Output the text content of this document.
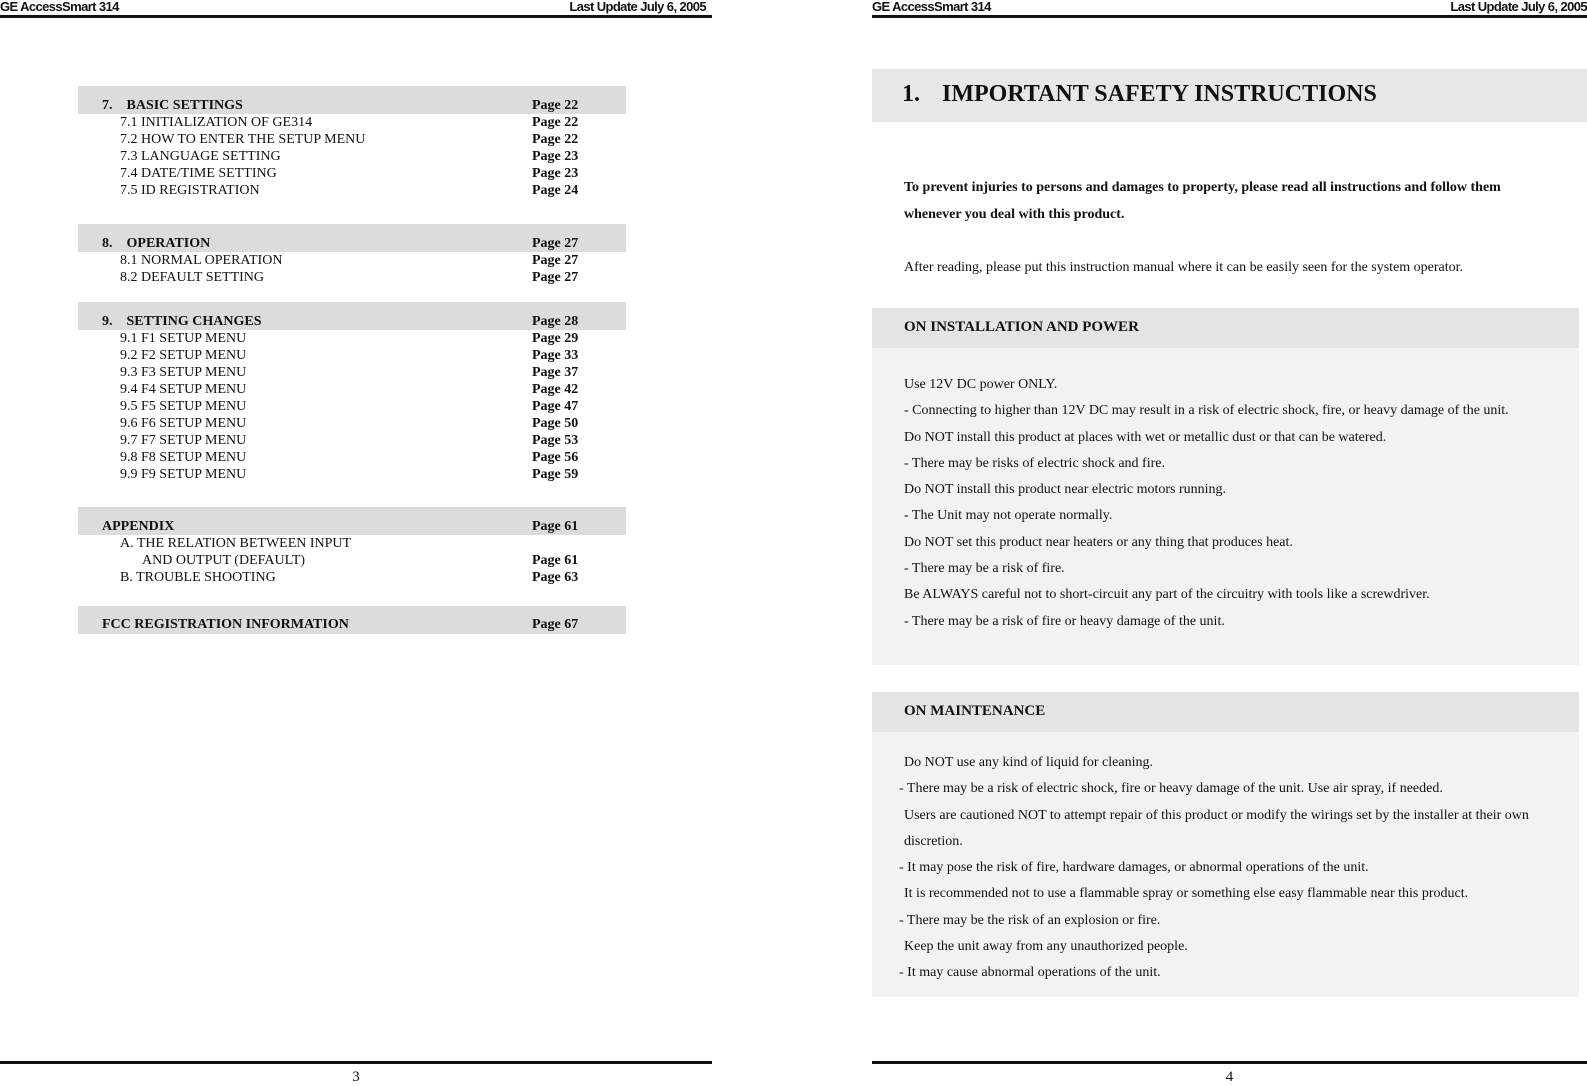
GE AccessSmart 314	Last Update July 6, 2005
7. BASIC SETTINGS	Page 22
7.1 INITIALIZATION OF GE314	Page 22
7.2 HOW TO ENTER THE SETUP MENU	Page 22
7.3 LANGUAGE SETTING	Page 23
7.4 DATE/TIME SETTING	Page 23
7.5 ID REGISTRATION	Page 24
8. OPERATION	Page 27
8.1 NORMAL OPERATION	Page 27
8.2 DEFAULT SETTING	Page 27
9. SETTING CHANGES	Page 28
9.1 F1 SETUP MENU	Page 29
9.2 F2 SETUP MENU	Page 33
9.3 F3 SETUP MENU	Page 37
9.4 F4 SETUP MENU	Page 42
9.5 F5 SETUP MENU	Page 47
9.6 F6 SETUP MENU	Page 50
9.7 F7 SETUP MENU	Page 53
9.8 F8 SETUP MENU	Page 56
9.9 F9 SETUP MENU	Page 59
APPENDIX	Page 61
A. THE RELATION BETWEEN INPUT
AND OUTPUT (DEFAULT)	Page 61
B. TROUBLE SHOOTING	Page 63
FCC REGISTRATION INFORMATION	Page 67
3
GE AccessSmart 314	Last Update July 6, 2005
1. IMPORTANT SAFETY INSTRUCTIONS
To prevent injuries to persons and damages to property, please read all instructions and follow them
whenever you deal with this product.
After reading, please put this instruction manual where it can be easily seen for the system operator.
ON INSTALLATION AND POWER
Use 12V DC power ONLY.
- Connecting to higher than 12V DC may result in a risk of electric shock, fire, or heavy damage of the unit.
Do NOT install this product at places with wet or metallic dust or that can be watered.
- There may be risks of electric shock and fire.
Do NOT install this product near electric motors running.
- The Unit may not operate normally.
Do NOT set this product near heaters or any thing that produces heat.
- There may be a risk of fire.
Be ALWAYS careful not to short-circuit any part of the circuitry with tools like a screwdriver.
- There may be a risk of fire or heavy damage of the unit.
ON MAINTENANCE
Do NOT use any kind of liquid for cleaning.
- There may be a risk of electric shock, fire or heavy damage of the unit. Use air spray, if needed.
Users are cautioned NOT to attempt repair of this product or modify the wirings set by the installer at their own
discretion.
- It may pose the risk of fire, hardware damages, or abnormal operations of the unit.
It is recommended not to use a flammable spray or something else easy flammable near this product.
- There may be the risk of an explosion or fire.
Keep the unit away from any unauthorized people.
- It may cause abnormal operations of the unit.
4
